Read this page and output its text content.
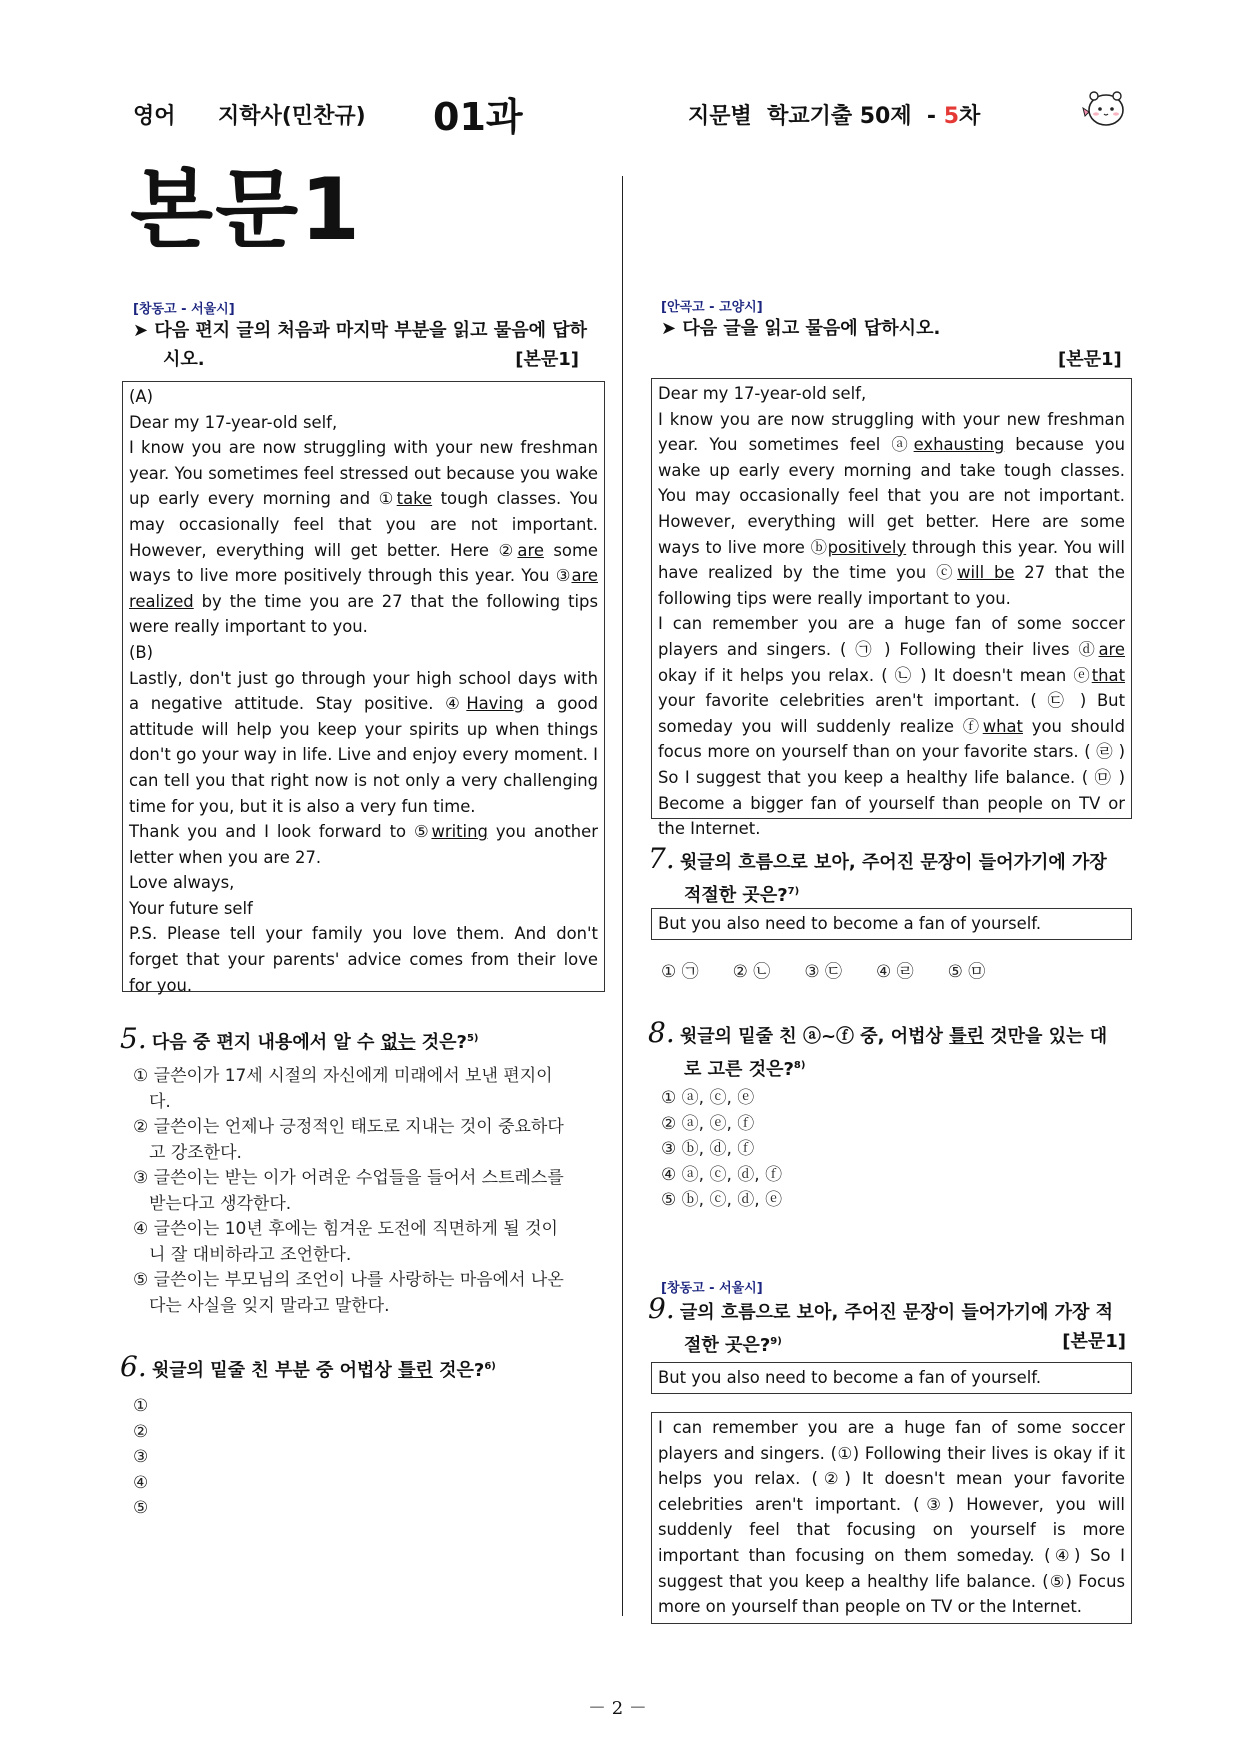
영어 지학사(민찬규) 01과	지문별  학교기출 50제  - 5차
본문1
[창동고 - 서울시]
➤ 다음 편지 글의 처음과 마지막 부분을 읽고 물음에 답하
시오.	[본문1]

(A)

Dear my 17-year-old self,

I know you are now struggling with your new freshman year. You sometimes feel stressed out because you wake up early every morning and ①take tough classes. You may occasionally feel that you are not important. However, everything will get better. Here ②are some ways to live more positively through this year. You ③are realized by the time you are 27 that the following tips were really important to you.

(B)

Lastly, don't just go through your high school days with a negative attitude. Stay positive. ④Having a good attitude will help you keep your spirits up when things don't go your way in life. Live and enjoy every moment. I can tell you that right now is not only a very challenging time for you, but it is also a very fun time.

Thank you and I look forward to ⑤writing you another letter when you are 27.

Love always,

Your future self

P.S. Please tell your family you love them. And don't forget that your parents' advice comes from their love for you.

5. 다음 중 편지 내용에서 알 수 없는 것은?$^{5)}$
① 글쓴이가 17세 시절의 자신에게 미래에서 보낸 편지이
다.
② 글쓴이는 언제나 긍정적인 태도로 지내는 것이 중요하다
고 강조한다.
③ 글쓴이는 받는 이가 어려운 수업들을 들어서 스트레스를
받는다고 생각한다.
④ 글쓴이는 10년 후에는 힘겨운 도전에 직면하게 될 것이
니 잘 대비하라고 조언한다.
⑤ 글쓴이는 부모님의 조언이 나를 사랑하는 마음에서 나온
다는 사실을 잊지 말라고 말한다.
6. 윗글의 밑줄 친 부분 중 어법상 틀린 것은?$^{6)}$
①
②
③
④
⑤
[안곡고 - 고양시]
➤ 다음 글을 읽고 물음에 답하시오.
[본문1]

Dear my 17-year-old self,

I know you are now struggling with your new freshman year. You sometimes feel ⓐexhausting because you wake up early every morning and take tough classes. You may occasionally feel that you are not important. However, everything will get better. Here are some ways to live more ⓑpositively through this year. You will have realized by the time you ⓒwill be 27 that the following tips were really important to you.

I can remember you are a huge fan of some soccer players and singers. ( ㉠ ) Following their lives ⓓare okay if it helps you relax. ( ㉡ ) It doesn't mean ⓔthat your favorite celebrities aren't important. ( ㉢ ) But someday you will suddenly realize ⓕwhat you should focus more on yourself than on your favorite stars. ( ㉣ ) So I suggest that you keep a healthy life balance. ( ㉤ ) Become a bigger fan of yourself than people on TV or the Internet.

7. 윗글의 흐름으로 보아, 주어진 문장이 들어가기에 가장
적절한 곳은?$^{7)}$
But you also need to become a fan of yourself.
① ㉠ ② ㉡ ③ ㉢ ④ ㉣ ⑤ ㉤
8. 윗글의 밑줄 친 ⓐ~ⓕ 중, 어법상 틀린 것만을 있는 대
로 고른 것은?$^{8)}$
① ⓐ, ⓒ, ⓔ
② ⓐ, ⓔ, ⓕ
③ ⓑ, ⓓ, ⓕ
④ ⓐ, ⓒ, ⓓ, ⓕ
⑤ ⓑ, ⓒ, ⓓ, ⓔ
[창동고 - 서울시]
9. 글의 흐름으로 보아, 주어진 문장이 들어가기에 가장 적
절한 곳은?$^{9)}$	[본문1]
But you also need to become a fan of yourself.
I can remember you are a huge fan of some soccer players and singers. (①) Following their lives is okay if it helps you relax. (②) It doesn't mean your favorite celebrities aren't important. (③) However, you will suddenly feel that focusing on yourself is more important than focusing on them someday. (④) So I suggest that you keep a healthy life balance. (⑤) Focus more on yourself than people on TV or the Internet.
－ 2 －
